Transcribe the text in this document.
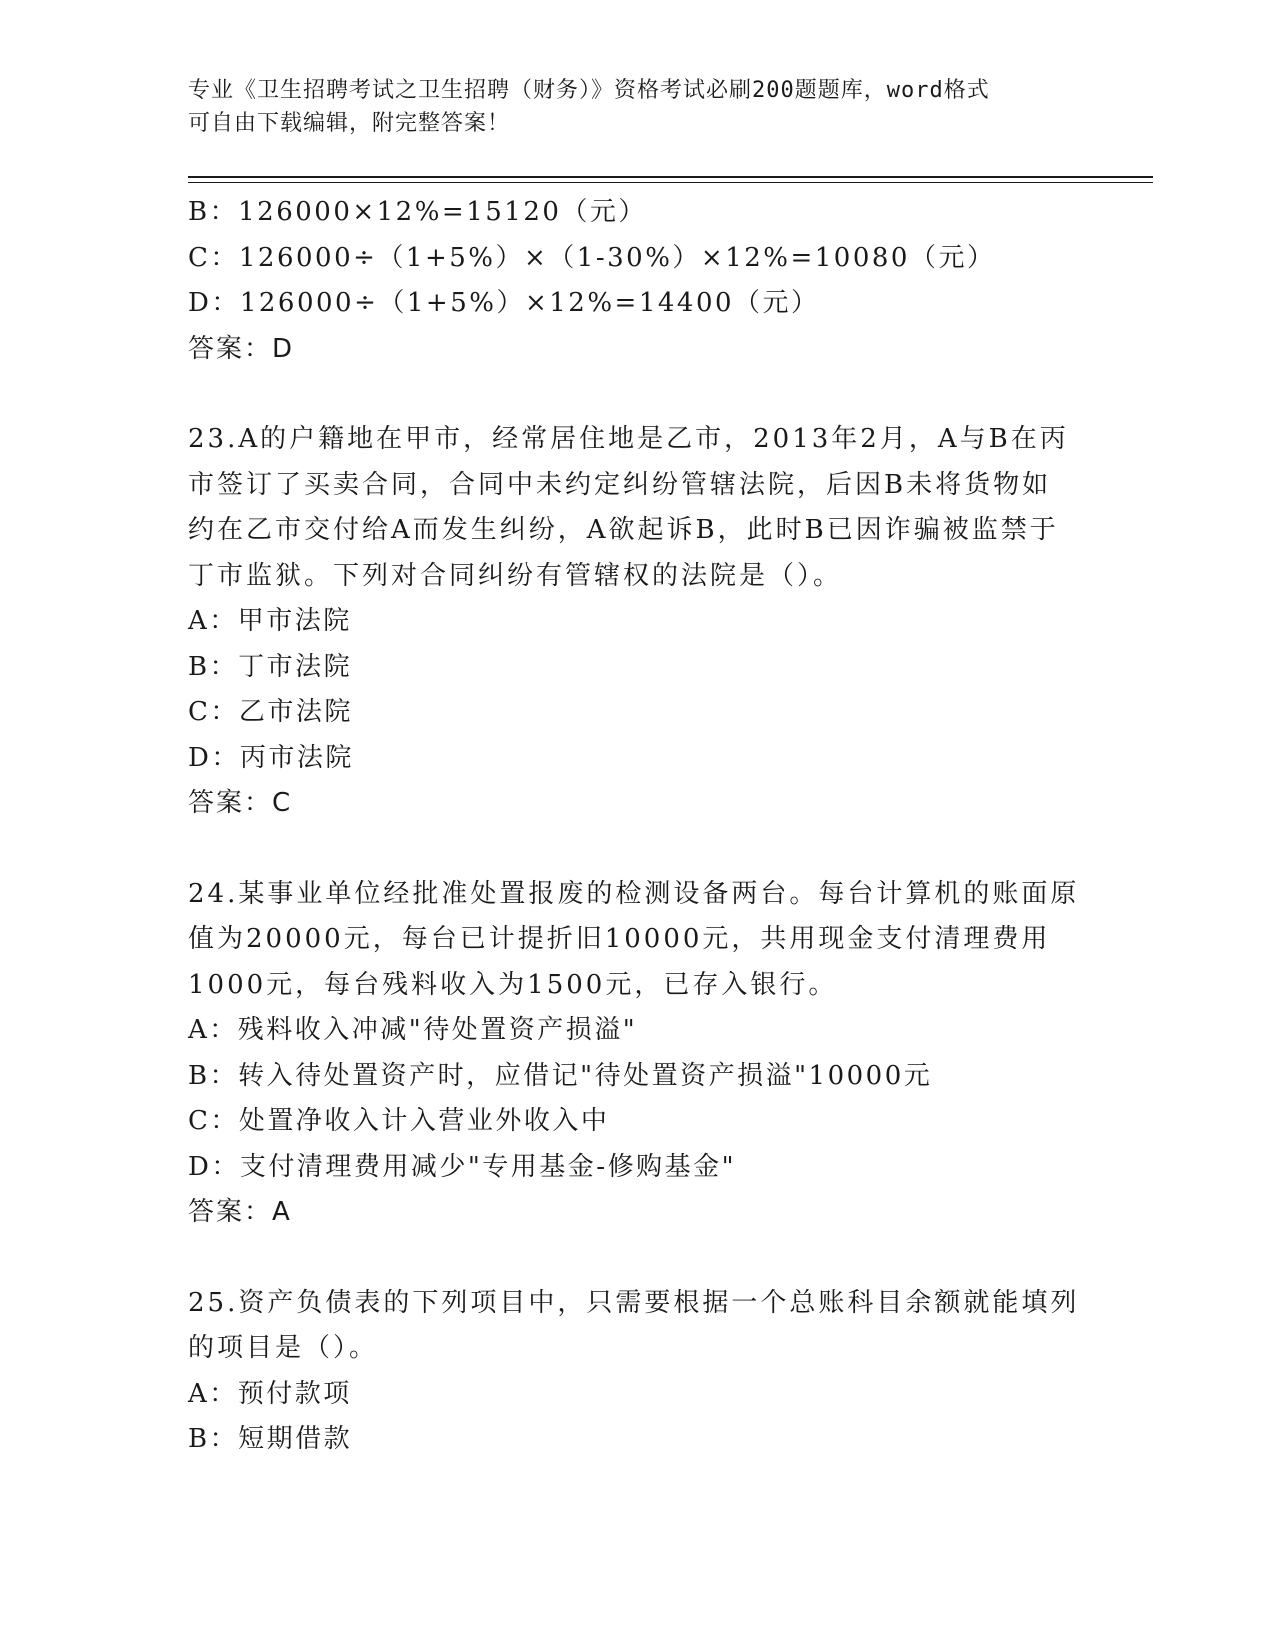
专业《卫生招聘考试之卫生招聘（财务）》资格考试必刷200题题库，word格式
可自由下载编辑，附完整答案！
B：126000×12%=15120（元）
C：126000÷（1+5%）×（1-30%）×12%=10080（元）
D：126000÷（1+5%）×12%=14400（元）
答案：D
23.A的户籍地在甲市，经常居住地是乙市，2013年2月，A与B在丙
市签订了买卖合同，合同中未约定纠纷管辖法院，后因B未将货物如
约在乙市交付给A而发生纠纷，A欲起诉B，此时B已因诈骗被监禁于
丁市监狱。下列对合同纠纷有管辖权的法院是（）。
A：甲市法院
B：丁市法院
C：乙市法院
D：丙市法院
答案：C
24.某事业单位经批准处置报废的检测设备两台。每台计算机的账面原
值为20000元，每台已计提折旧10000元，共用现金支付清理费用
1000元，每台残料收入为1500元，已存入银行。
A：残料收入冲减"待处置资产损溢"
B：转入待处置资产时，应借记"待处置资产损溢"10000元
C：处置净收入计入营业外收入中
D：支付清理费用减少"专用基金-修购基金"
答案：A
25.资产负债表的下列项目中，只需要根据一个总账科目余额就能填列
的项目是（）。
A：预付款项
B：短期借款
